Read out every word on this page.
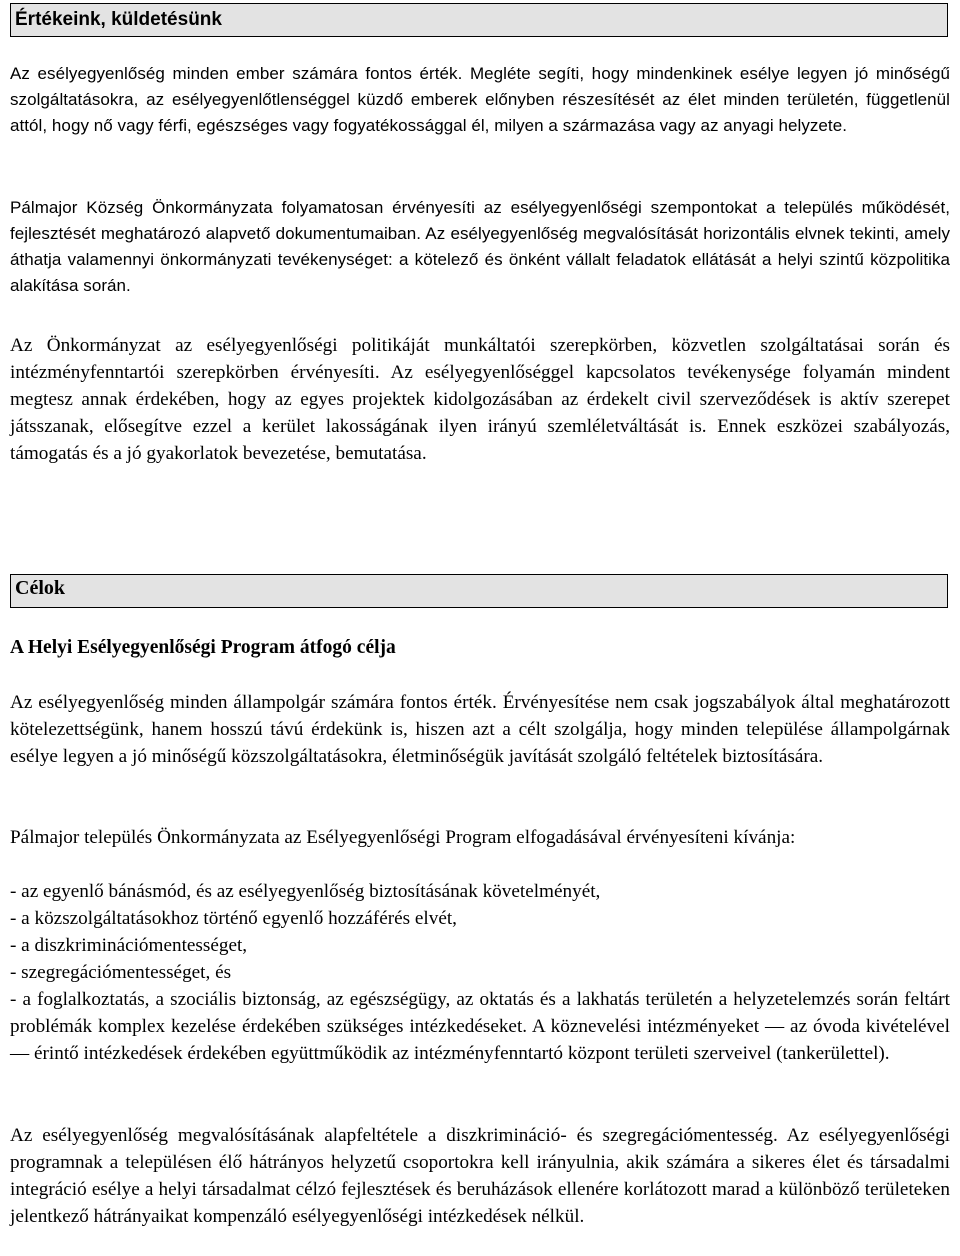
Értékeink, küldetésünk

Az esélyegyenlőség minden ember számára fontos érték. Megléte segíti, hogy mindenkinek esélye legyen jó minőségű szolgáltatásokra, az esélyegyenlőtlenséggel küzdő emberek előnyben részesítését az élet minden területén, függetlenül attól, hogy nő vagy férfi, egészséges vagy fogyatékossággal él, milyen a származása vagy az anyagi helyzete.

Pálmajor Község Önkormányzata folyamatosan érvényesíti az esélyegyenlőségi szempontokat a település működését, fejlesztését meghatározó alapvető dokumentumaiban. Az esélyegyenlőség megvalósítását horizontális elvnek tekinti, amely áthatja valamennyi önkormányzati tevékenységet: a kötelező és önként vállalt feladatok ellátását a helyi szintű közpolitika alakítása során.

Az Önkormányzat az esélyegyenlőségi politikáját munkáltatói szerepkörben, közvetlen szolgáltatásai során és intézményfenntartói szerepkörben érvényesíti. Az esélyegyenlőséggel kapcsolatos tevékenysége folyamán mindent megtesz annak érdekében, hogy az egyes projektek kidolgozásában az érdekelt civil szerveződések is aktív szerepet játsszanak, elősegítve ezzel a kerület lakosságának ilyen irányú szemléletváltását is. Ennek eszközei szabályozás, támogatás és a jó gyakorlatok bevezetése, bemutatása.

Célok
A Helyi Esélyegyenlőségi Program átfogó célja

Az esélyegyenlőség minden állampolgár számára fontos érték. Érvényesítése nem csak jogszabályok által meghatározott kötelezettségünk, hanem hosszú távú érdekünk is, hiszen azt a célt szolgálja, hogy minden települése állampolgárnak esélye legyen a jó minőségű közszolgáltatásokra, életminőségük javítását szolgáló feltételek biztosítására.

Pálmajor település Önkormányzata az Esélyegyenlőségi Program elfogadásával érvényesíteni kívánja:

- az egyenlő bánásmód, és az esélyegyenlőség biztosításának követelményét,
- a közszolgáltatásokhoz történő egyenlő hozzáférés elvét,
- a diszkriminációmentességet,
- szegregációmentességet, és
- a foglalkoztatás, a szociális biztonság, az egészségügy, az oktatás és a lakhatás területén a helyzetelemzés során feltárt problémák komplex kezelése érdekében szükséges intézkedéseket. A köznevelési intézményeket — az óvoda kivételével — érintő intézkedések érdekében együttműködik az intézményfenntartó központ területi szerveivel (tankerülettel).

Az esélyegyenlőség megvalósításának alapfeltétele a diszkrimináció- és szegregációmentesség. Az esélyegyenlőségi programnak a településen élő hátrányos helyzetű csoportokra kell irányulnia, akik számára a sikeres élet és társadalmi integráció esélye a helyi társadalmat célzó fejlesztések és beruházások ellenére korlátozott marad a különböző területeken jelentkező hátrányaikat kompenzáló esélyegyenlőségi intézkedések nélkül.
